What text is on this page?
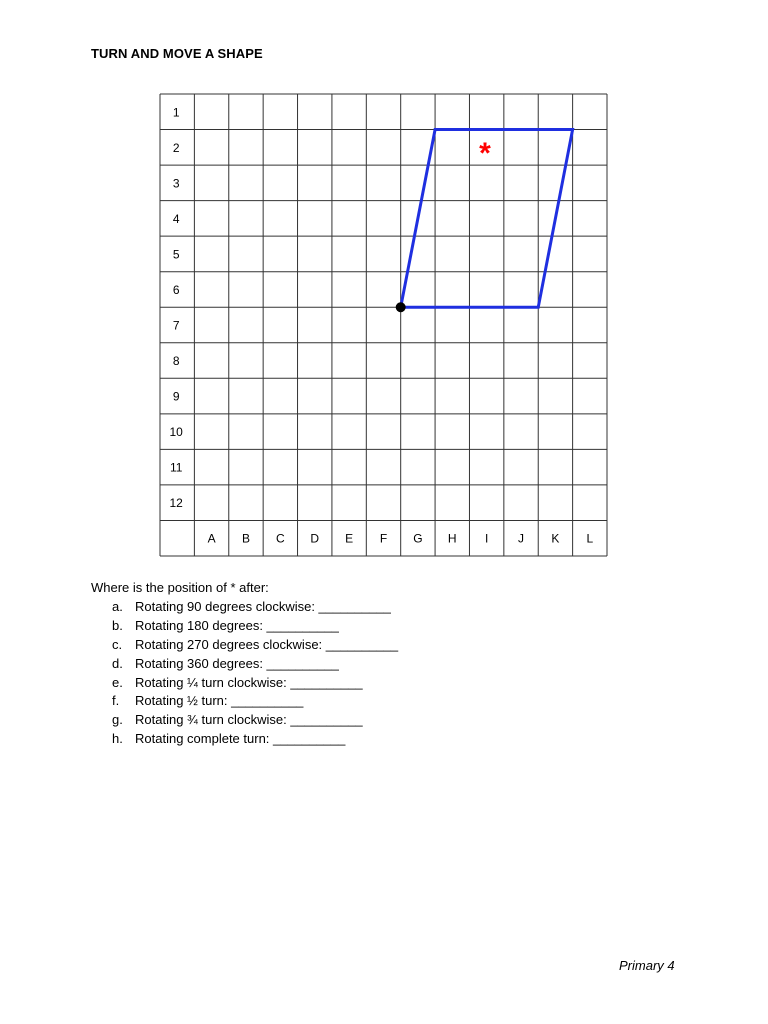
TURN AND MOVE A SHAPE
1
2
3
4
5
6
7
8
9
10
11
12
A B C D E F G H I J K L
*
Where is the position of * after:
a. Rotating 90 degrees clockwise: __________
b. Rotating 180 degrees: __________
c. Rotating 270 degrees clockwise: __________
d. Rotating 360 degrees: __________
e. Rotating ¼ turn clockwise: __________
f. Rotating ½ turn: __________
g. Rotating ¾ turn clockwise: __________
h. Rotating complete turn: __________
Primary 4
